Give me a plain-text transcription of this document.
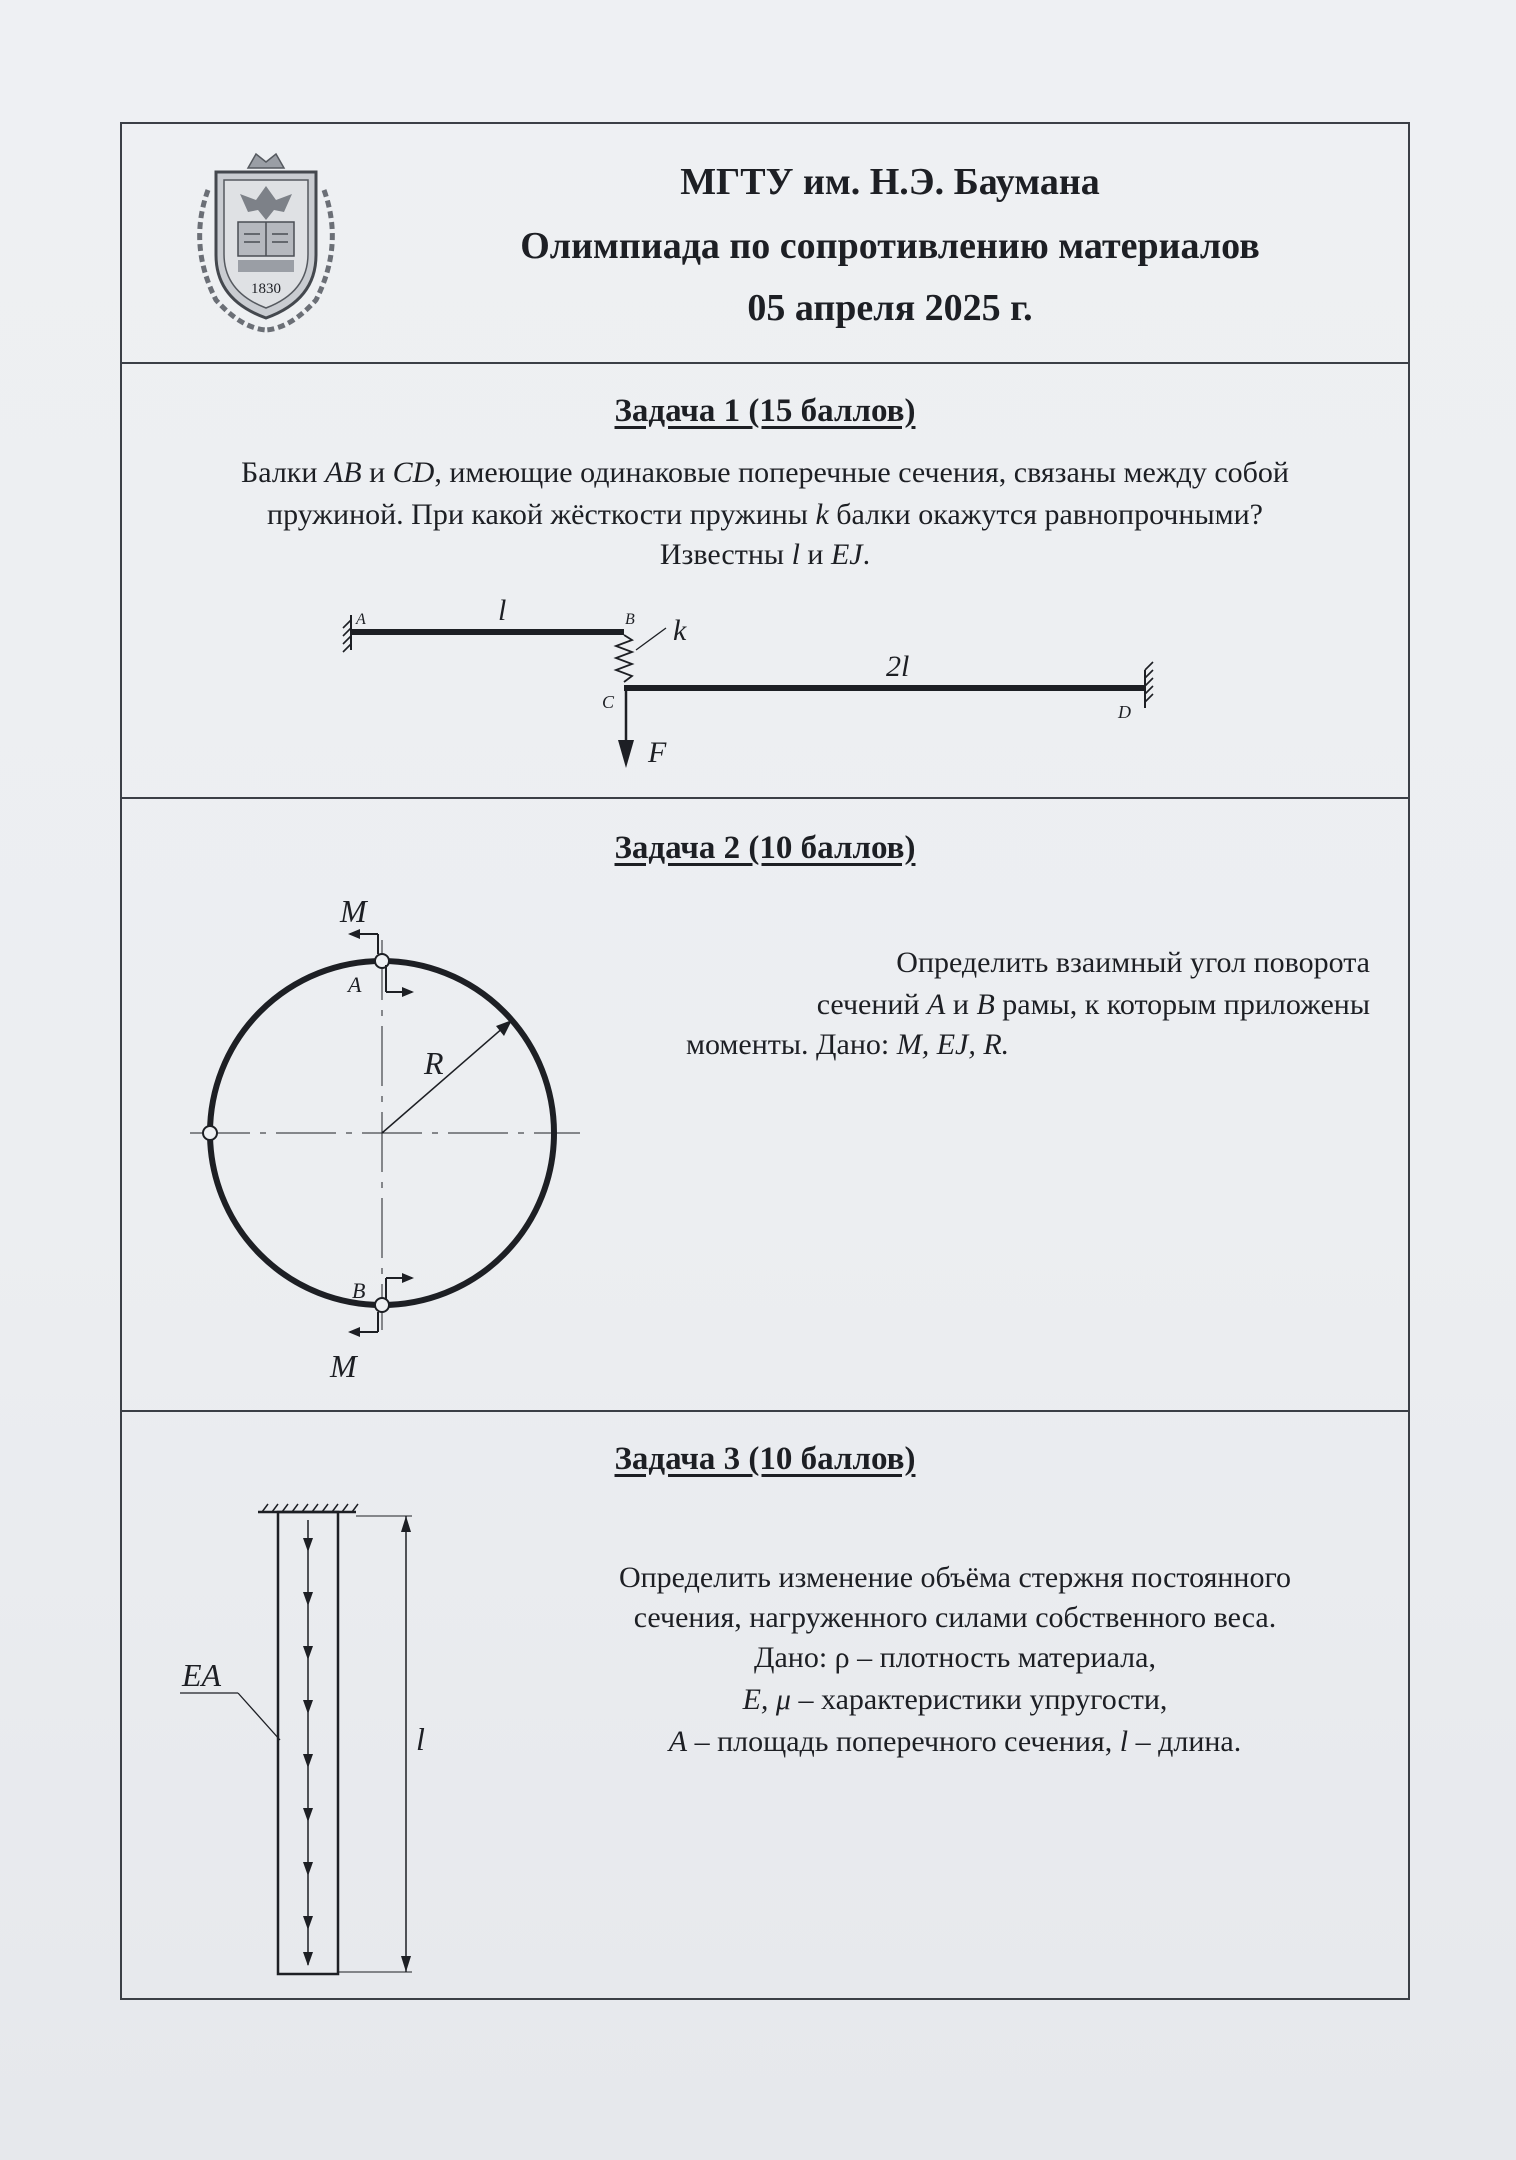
1830
МГТУ им. Н.Э. Баумана
Олимпиада по сопротивлению материалов
05 апреля 2025 г.
Задача 1 (15 баллов)
Балки AB и CD, имеющие одинаковые поперечные сечения, связаны между собой
пружиной. При какой жёсткости пружины k балки окажутся равнопрочными?
Известны l и EJ.
A	l	B k
2l
C	D
F
Задача 2 (10 баллов)
M
A
R
B
M
Определить взаимный угол поворота
сечений A и B рамы, к которым приложены
моменты. Дано: M, EJ, R.
Задача 3 (10 баллов)
EA
l
Определить изменение объёма стержня постоянного
сечения, нагруженного силами собственного веса.
Дано: ρ – плотность материала,
E, μ – характеристики упругости,
A – площадь поперечного сечения, l – длина.
